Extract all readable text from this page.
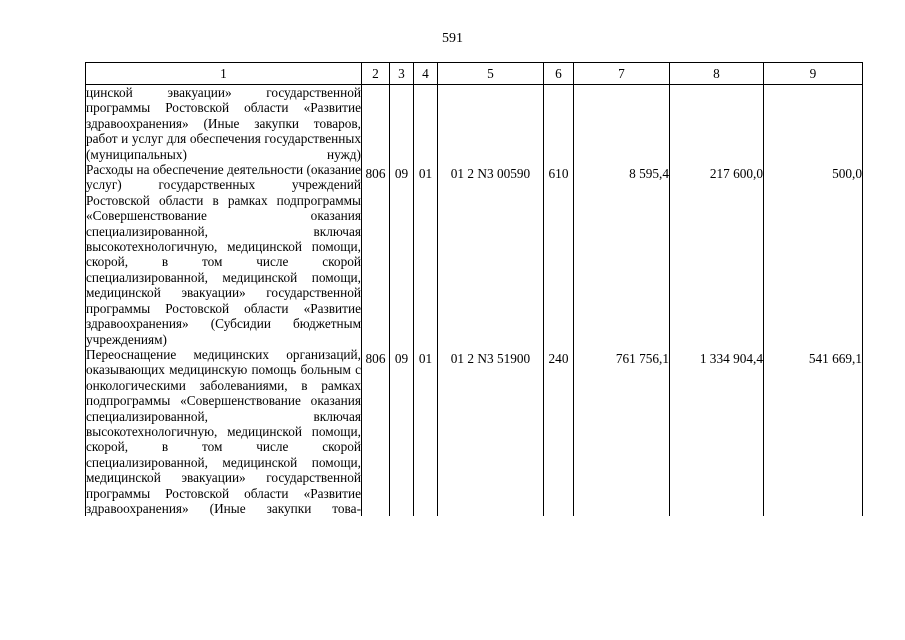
591
1	2	3	4	5	6	7	8	9
цинской эвакуации» государственной программы Ростовской области «Развитие здравоохранения» (Иные закупки товаров, работ и услуг для обеспечения государственных (муниципальных) нужд)								
Расходы на обеспечение деятельности (оказание услуг) государственных учреждений Ростовской области в рамках подпрограммы «Совершенствование оказания специализированной, включая высокотехнологичную, медицинской помощи, скорой, в том числе скорой специализированной, медицинской помощи, медицинской эвакуации» государственной программы Ростовской области «Развитие здравоохранения» (Субсидии бюджетным учреждениям)	806	09	01	01 2 N3 00590	610	8 595,4	217 600,0	500,0
Переоснащение медицинских организаций, оказывающих медицинскую помощь больным с онкологическими заболеваниями, в рамках подпрограммы «Совершенствование оказания специализированной, включая высокотехнологичную, медицинской помощи, скорой, в том числе скорой специализированной, медицинской помощи, медицинской эвакуации» государственной программы Ростовской области «Развитие здравоохранения» (Иные закупки това-	806	09	01	01 2 N3 51900	240	761 756,1	1 334 904,4	541 669,1
